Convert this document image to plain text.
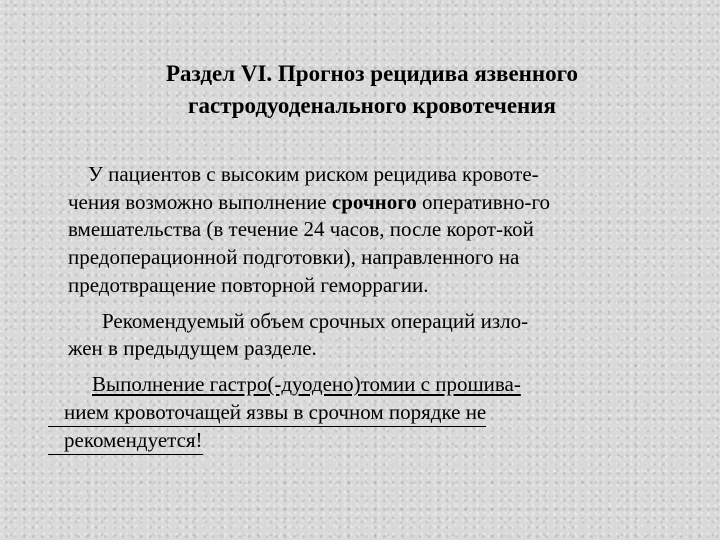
Раздел VI. Прогноз рецидива язвенного
гастродуоденального кровотечения
У пациентов с высоким риском рецидива кровоте-
чения возможно выполнение срочного оперативно-го
вмешательства (в течение 24 часов, после корот-кой
предоперационной подготовки), направленного на
предотвращение повторной геморрагии.
Рекомендуемый объем срочных операций изло-
жен в предыдущем разделе.
Выполнение гастро(-дуодено)томии с прошива-
нием кровоточащей язвы в срочном порядке не
рекомендуется!
